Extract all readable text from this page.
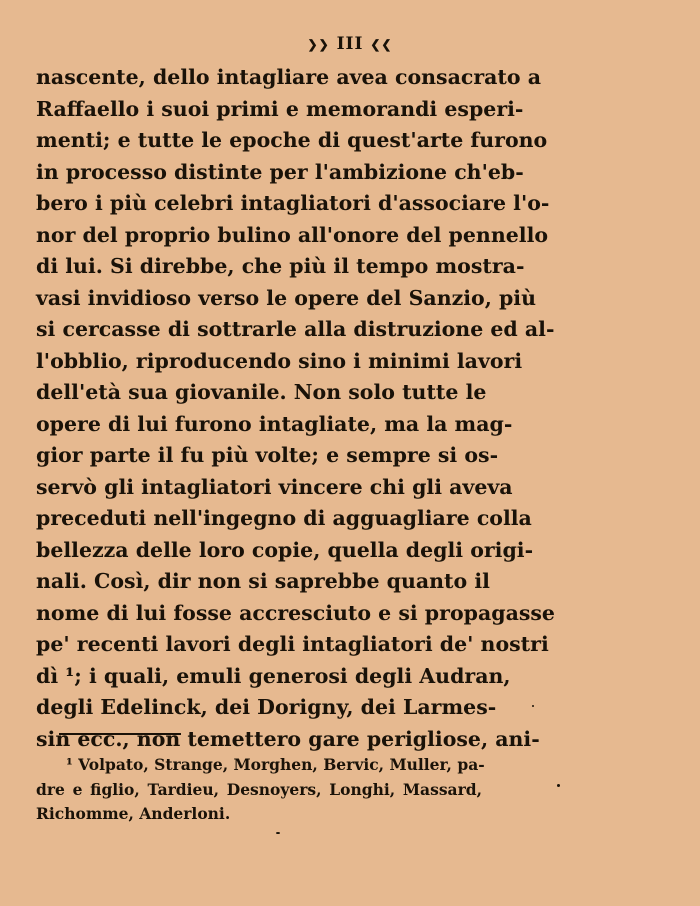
❯❯ III ❮❮
nascente, dello intagliare avea consacrato a
Raffaello i suoi primi e memorandi esperi-
menti; e tutte le epoche di quest'arte furono
in processo distinte per l'ambizione ch'eb-
bero i più celebri intagliatori d'associare l'o-
nor del proprio bulino all'onore del pennello
di lui. Si direbbe, che più il tempo mostra-
vasi invidioso verso le opere del Sanzio, più
si cercasse di sottrarle alla distruzione ed al-
l'obblio, riproducendo sino i minimi lavori
dell'età sua giovanile. Non solo tutte le
opere di lui furono intagliate, ma la mag-
gior parte il fu più volte; e sempre si os-
servò gli intagliatori vincere chi gli aveva
preceduti nell'ingegno di agguagliare colla
bellezza delle loro copie, quella degli origi-
nali. Così, dir non si saprebbe quanto il
nome di lui fosse accresciuto e si propagasse
pe' recenti lavori degli intagliatori de' nostri
dì ¹; i quali, emuli generosi degli Audran,
degli Edelinck, dei Dorigny, dei Larmes-
sin ecc., non temettero gare perigliose, ani-
¹ Volpato, Strange, Morghen, Bervic, Muller, pa-
dre e figlio, Tardieu, Desnoyers, Longhi, Massard,
Richomme, Anderloni.
